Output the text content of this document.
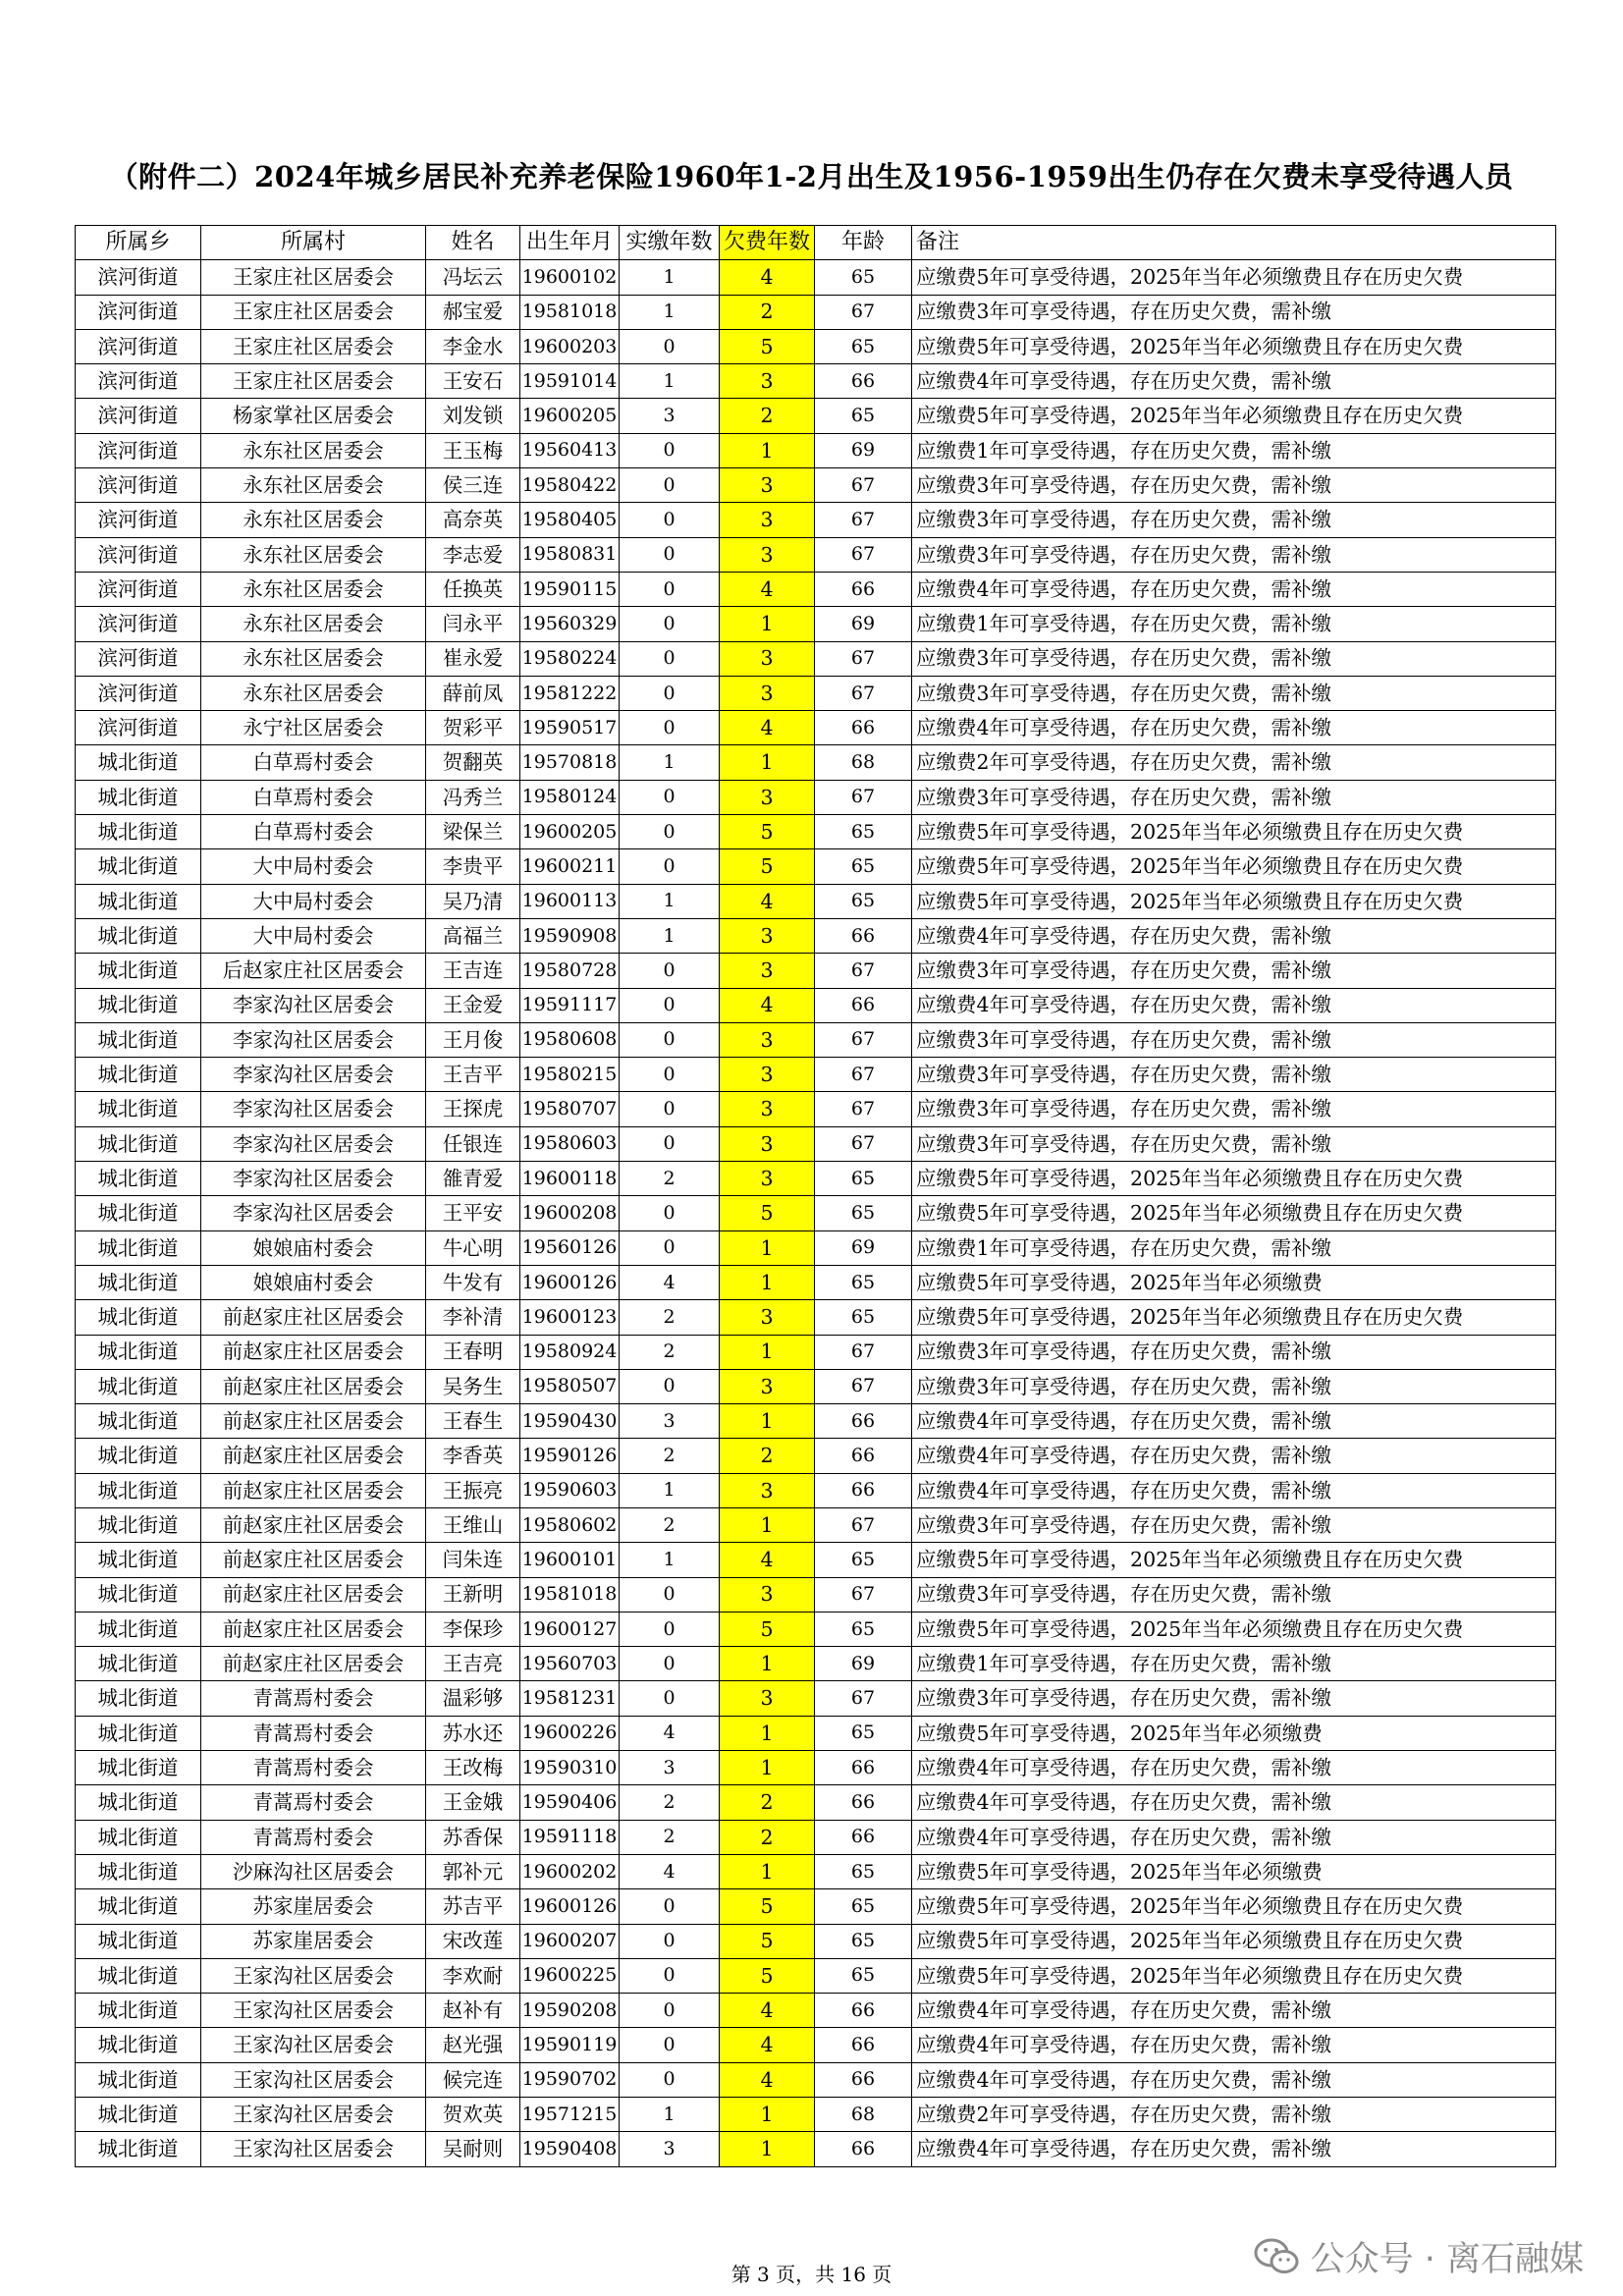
（附件二）2024年城乡居民补充养老保险1960年1-2月出生及1956-1959出生仍存在欠费未享受待遇人员
所属乡	所属村	姓名	出生年月	实缴年数	欠费年数	年龄	备注
滨河街道	王家庄社区居委会	冯坛云	19600102	1	4	65	应缴费5年可享受待遇，2025年当年必须缴费且存在历史欠费
滨河街道	王家庄社区居委会	郝宝爱	19581018	1	2	67	应缴费3年可享受待遇，存在历史欠费，需补缴
滨河街道	王家庄社区居委会	李金水	19600203	0	5	65	应缴费5年可享受待遇，2025年当年必须缴费且存在历史欠费
滨河街道	王家庄社区居委会	王安石	19591014	1	3	66	应缴费4年可享受待遇，存在历史欠费，需补缴
滨河街道	杨家掌社区居委会	刘发锁	19600205	3	2	65	应缴费5年可享受待遇，2025年当年必须缴费且存在历史欠费
滨河街道	永东社区居委会	王玉梅	19560413	0	1	69	应缴费1年可享受待遇，存在历史欠费，需补缴
滨河街道	永东社区居委会	侯三连	19580422	0	3	67	应缴费3年可享受待遇，存在历史欠费，需补缴
滨河街道	永东社区居委会	高奈英	19580405	0	3	67	应缴费3年可享受待遇，存在历史欠费，需补缴
滨河街道	永东社区居委会	李志爱	19580831	0	3	67	应缴费3年可享受待遇，存在历史欠费，需补缴
滨河街道	永东社区居委会	任换英	19590115	0	4	66	应缴费4年可享受待遇，存在历史欠费，需补缴
滨河街道	永东社区居委会	闫永平	19560329	0	1	69	应缴费1年可享受待遇，存在历史欠费，需补缴
滨河街道	永东社区居委会	崔永爱	19580224	0	3	67	应缴费3年可享受待遇，存在历史欠费，需补缴
滨河街道	永东社区居委会	薛前凤	19581222	0	3	67	应缴费3年可享受待遇，存在历史欠费，需补缴
滨河街道	永宁社区居委会	贺彩平	19590517	0	4	66	应缴费4年可享受待遇，存在历史欠费，需补缴
城北街道	白草焉村委会	贺翻英	19570818	1	1	68	应缴费2年可享受待遇，存在历史欠费，需补缴
城北街道	白草焉村委会	冯秀兰	19580124	0	3	67	应缴费3年可享受待遇，存在历史欠费，需补缴
城北街道	白草焉村委会	梁保兰	19600205	0	5	65	应缴费5年可享受待遇，2025年当年必须缴费且存在历史欠费
城北街道	大中局村委会	李贵平	19600211	0	5	65	应缴费5年可享受待遇，2025年当年必须缴费且存在历史欠费
城北街道	大中局村委会	吴乃清	19600113	1	4	65	应缴费5年可享受待遇，2025年当年必须缴费且存在历史欠费
城北街道	大中局村委会	高福兰	19590908	1	3	66	应缴费4年可享受待遇，存在历史欠费，需补缴
城北街道	后赵家庄社区居委会	王吉连	19580728	0	3	67	应缴费3年可享受待遇，存在历史欠费，需补缴
城北街道	李家沟社区居委会	王金爱	19591117	0	4	66	应缴费4年可享受待遇，存在历史欠费，需补缴
城北街道	李家沟社区居委会	王月俊	19580608	0	3	67	应缴费3年可享受待遇，存在历史欠费，需补缴
城北街道	李家沟社区居委会	王吉平	19580215	0	3	67	应缴费3年可享受待遇，存在历史欠费，需补缴
城北街道	李家沟社区居委会	王探虎	19580707	0	3	67	应缴费3年可享受待遇，存在历史欠费，需补缴
城北街道	李家沟社区居委会	任银连	19580603	0	3	67	应缴费3年可享受待遇，存在历史欠费，需补缴
城北街道	李家沟社区居委会	雒青爱	19600118	2	3	65	应缴费5年可享受待遇，2025年当年必须缴费且存在历史欠费
城北街道	李家沟社区居委会	王平安	19600208	0	5	65	应缴费5年可享受待遇，2025年当年必须缴费且存在历史欠费
城北街道	娘娘庙村委会	牛心明	19560126	0	1	69	应缴费1年可享受待遇，存在历史欠费，需补缴
城北街道	娘娘庙村委会	牛发有	19600126	4	1	65	应缴费5年可享受待遇，2025年当年必须缴费
城北街道	前赵家庄社区居委会	李补清	19600123	2	3	65	应缴费5年可享受待遇，2025年当年必须缴费且存在历史欠费
城北街道	前赵家庄社区居委会	王春明	19580924	2	1	67	应缴费3年可享受待遇，存在历史欠费，需补缴
城北街道	前赵家庄社区居委会	吴务生	19580507	0	3	67	应缴费3年可享受待遇，存在历史欠费，需补缴
城北街道	前赵家庄社区居委会	王春生	19590430	3	1	66	应缴费4年可享受待遇，存在历史欠费，需补缴
城北街道	前赵家庄社区居委会	李香英	19590126	2	2	66	应缴费4年可享受待遇，存在历史欠费，需补缴
城北街道	前赵家庄社区居委会	王振亮	19590603	1	3	66	应缴费4年可享受待遇，存在历史欠费，需补缴
城北街道	前赵家庄社区居委会	王维山	19580602	2	1	67	应缴费3年可享受待遇，存在历史欠费，需补缴
城北街道	前赵家庄社区居委会	闫朱连	19600101	1	4	65	应缴费5年可享受待遇，2025年当年必须缴费且存在历史欠费
城北街道	前赵家庄社区居委会	王新明	19581018	0	3	67	应缴费3年可享受待遇，存在历史欠费，需补缴
城北街道	前赵家庄社区居委会	李保珍	19600127	0	5	65	应缴费5年可享受待遇，2025年当年必须缴费且存在历史欠费
城北街道	前赵家庄社区居委会	王吉亮	19560703	0	1	69	应缴费1年可享受待遇，存在历史欠费，需补缴
城北街道	青蒿焉村委会	温彩够	19581231	0	3	67	应缴费3年可享受待遇，存在历史欠费，需补缴
城北街道	青蒿焉村委会	苏水还	19600226	4	1	65	应缴费5年可享受待遇，2025年当年必须缴费
城北街道	青蒿焉村委会	王改梅	19590310	3	1	66	应缴费4年可享受待遇，存在历史欠费，需补缴
城北街道	青蒿焉村委会	王金娥	19590406	2	2	66	应缴费4年可享受待遇，存在历史欠费，需补缴
城北街道	青蒿焉村委会	苏香保	19591118	2	2	66	应缴费4年可享受待遇，存在历史欠费，需补缴
城北街道	沙麻沟社区居委会	郭补元	19600202	4	1	65	应缴费5年可享受待遇，2025年当年必须缴费
城北街道	苏家崖居委会	苏吉平	19600126	0	5	65	应缴费5年可享受待遇，2025年当年必须缴费且存在历史欠费
城北街道	苏家崖居委会	宋改莲	19600207	0	5	65	应缴费5年可享受待遇，2025年当年必须缴费且存在历史欠费
城北街道	王家沟社区居委会	李欢耐	19600225	0	5	65	应缴费5年可享受待遇，2025年当年必须缴费且存在历史欠费
城北街道	王家沟社区居委会	赵补有	19590208	0	4	66	应缴费4年可享受待遇，存在历史欠费，需补缴
城北街道	王家沟社区居委会	赵光强	19590119	0	4	66	应缴费4年可享受待遇，存在历史欠费，需补缴
城北街道	王家沟社区居委会	候完连	19590702	0	4	66	应缴费4年可享受待遇，存在历史欠费，需补缴
城北街道	王家沟社区居委会	贺欢英	19571215	1	1	68	应缴费2年可享受待遇，存在历史欠费，需补缴
城北街道	王家沟社区居委会	吴耐则	19590408	3	1	66	应缴费4年可享受待遇，存在历史欠费，需补缴
第 3 页，共 16 页	公众号 · 离石融媒
